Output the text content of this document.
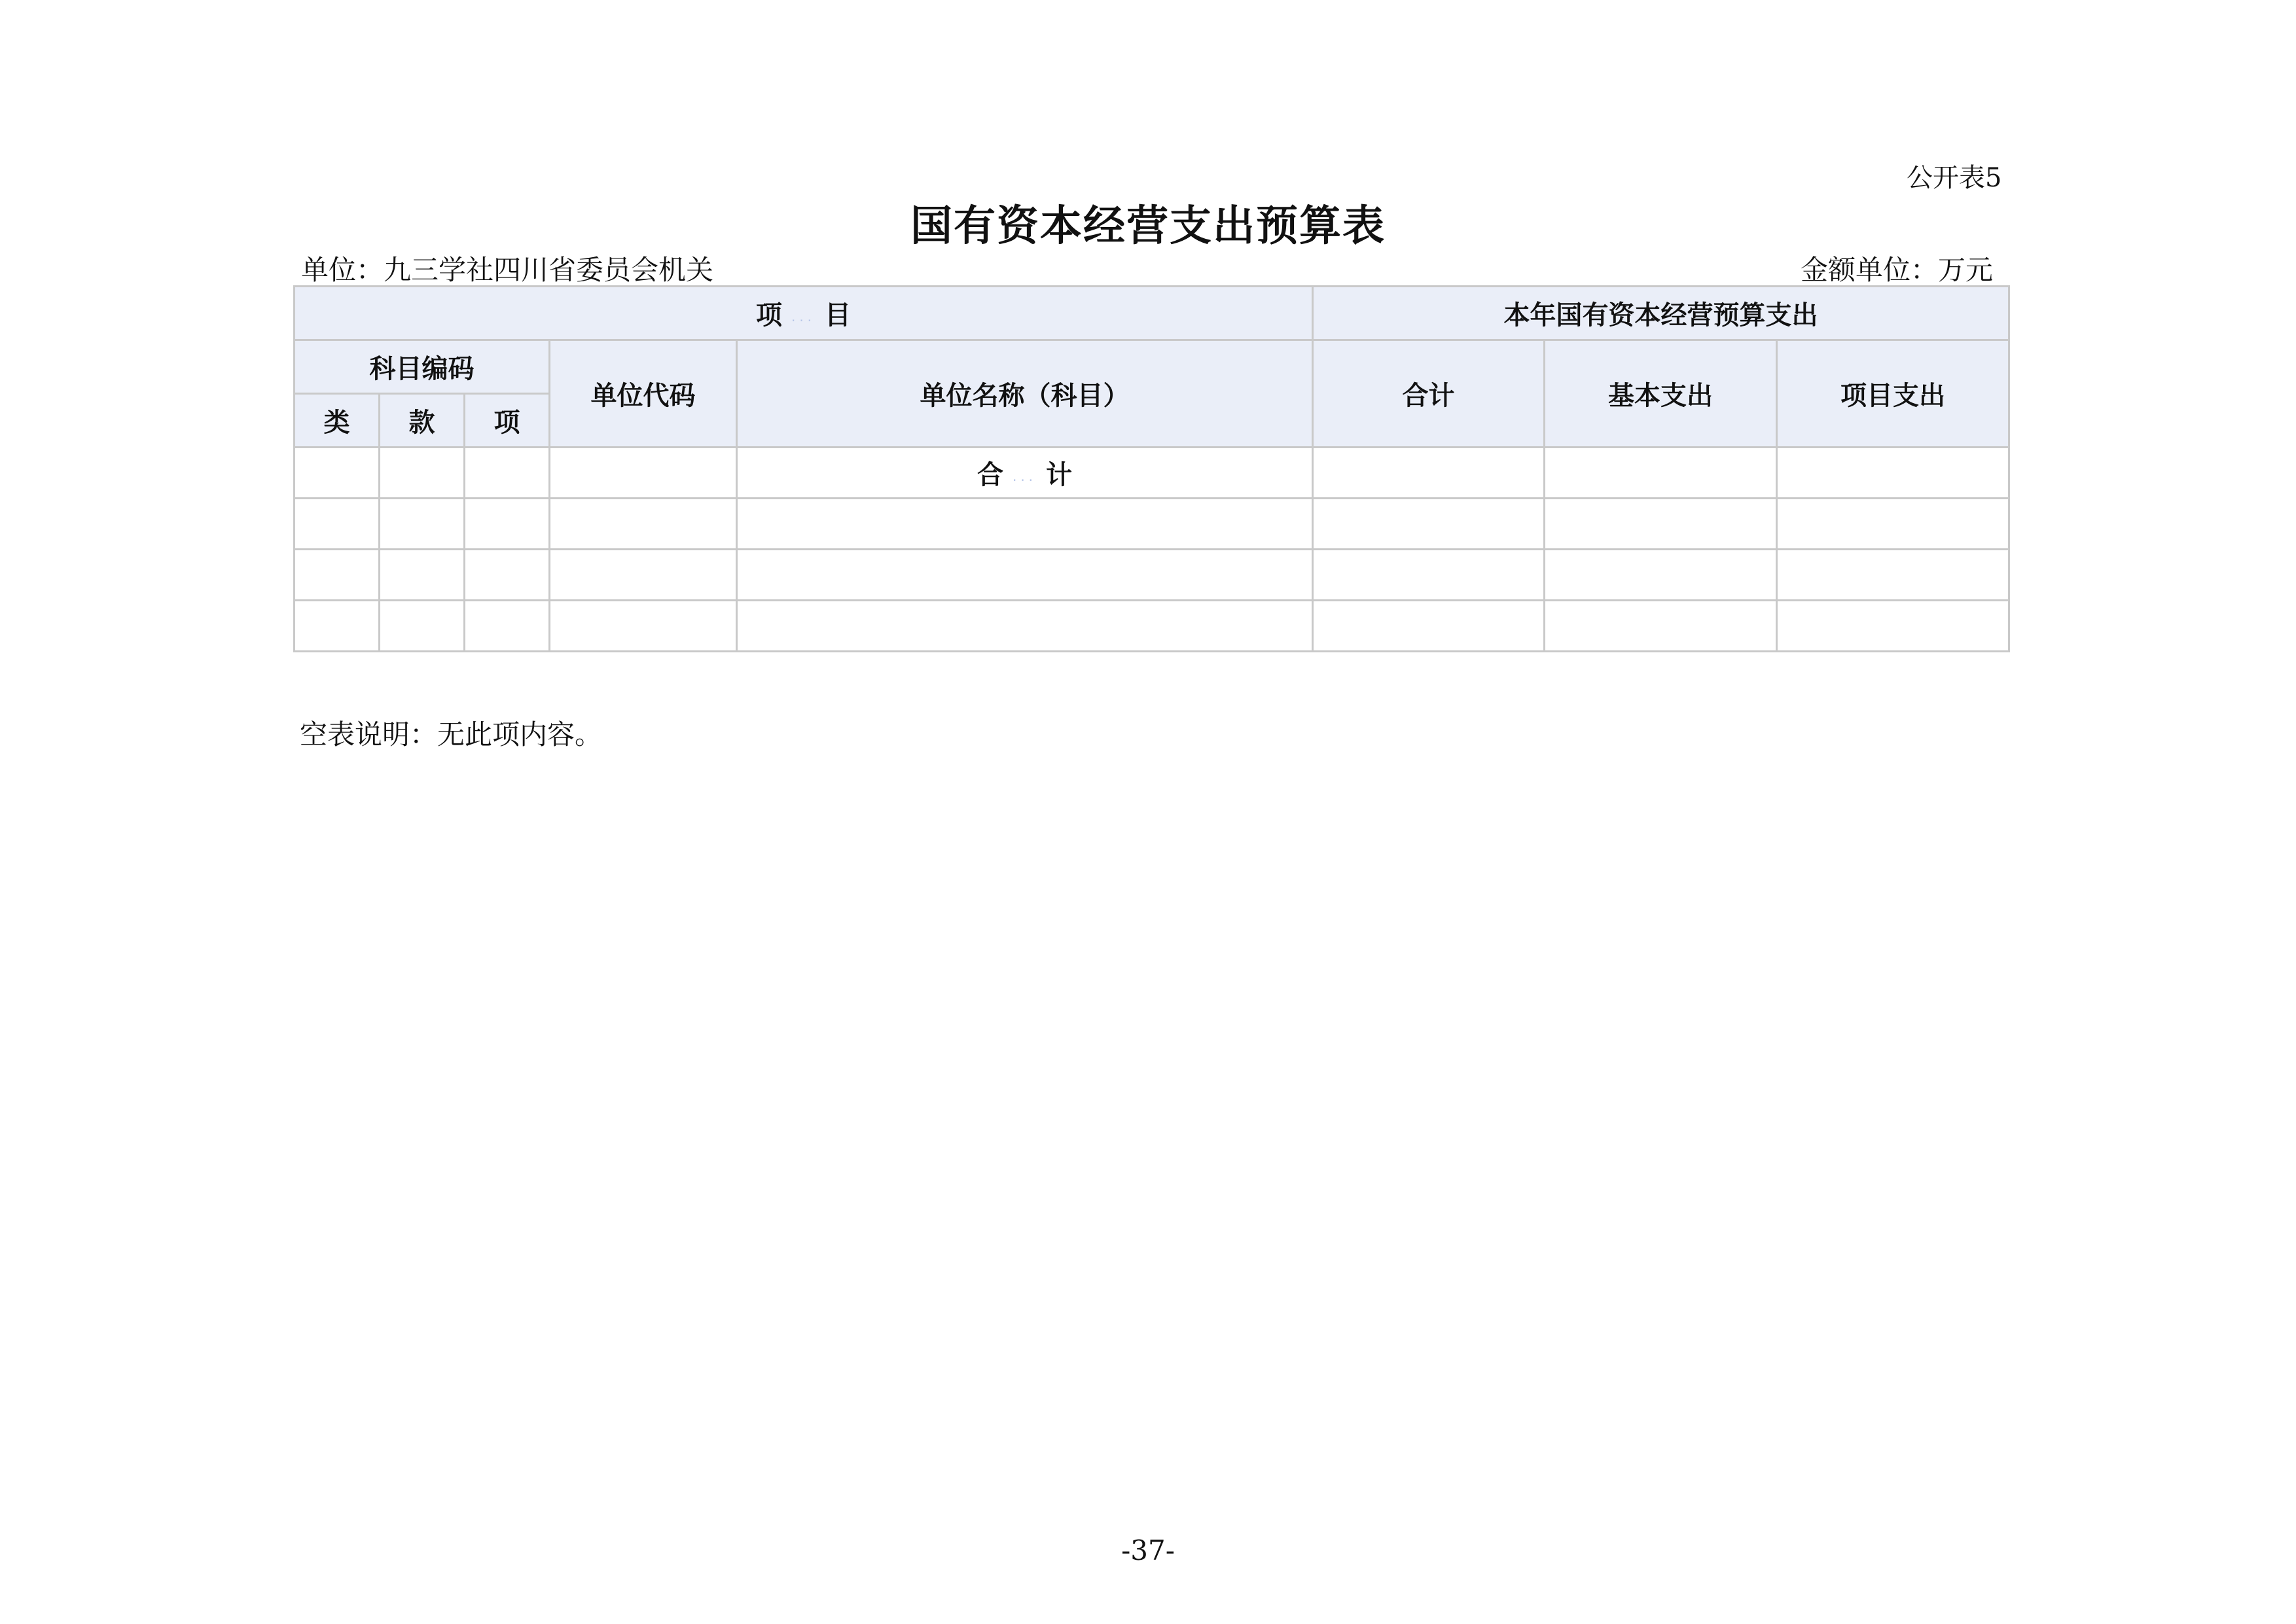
公开表5
国有资本经营支出预算表
单位：九三学社四川省委员会机关	金额单位：万元
项 ... 目					本年国有资本经营预算支出		
科目编码			单位代码	单位名称（科目）	合计	基本支出	项目支出
类	款	项					
				合 ... 计			

空表说明：无此项内容。
-37-
